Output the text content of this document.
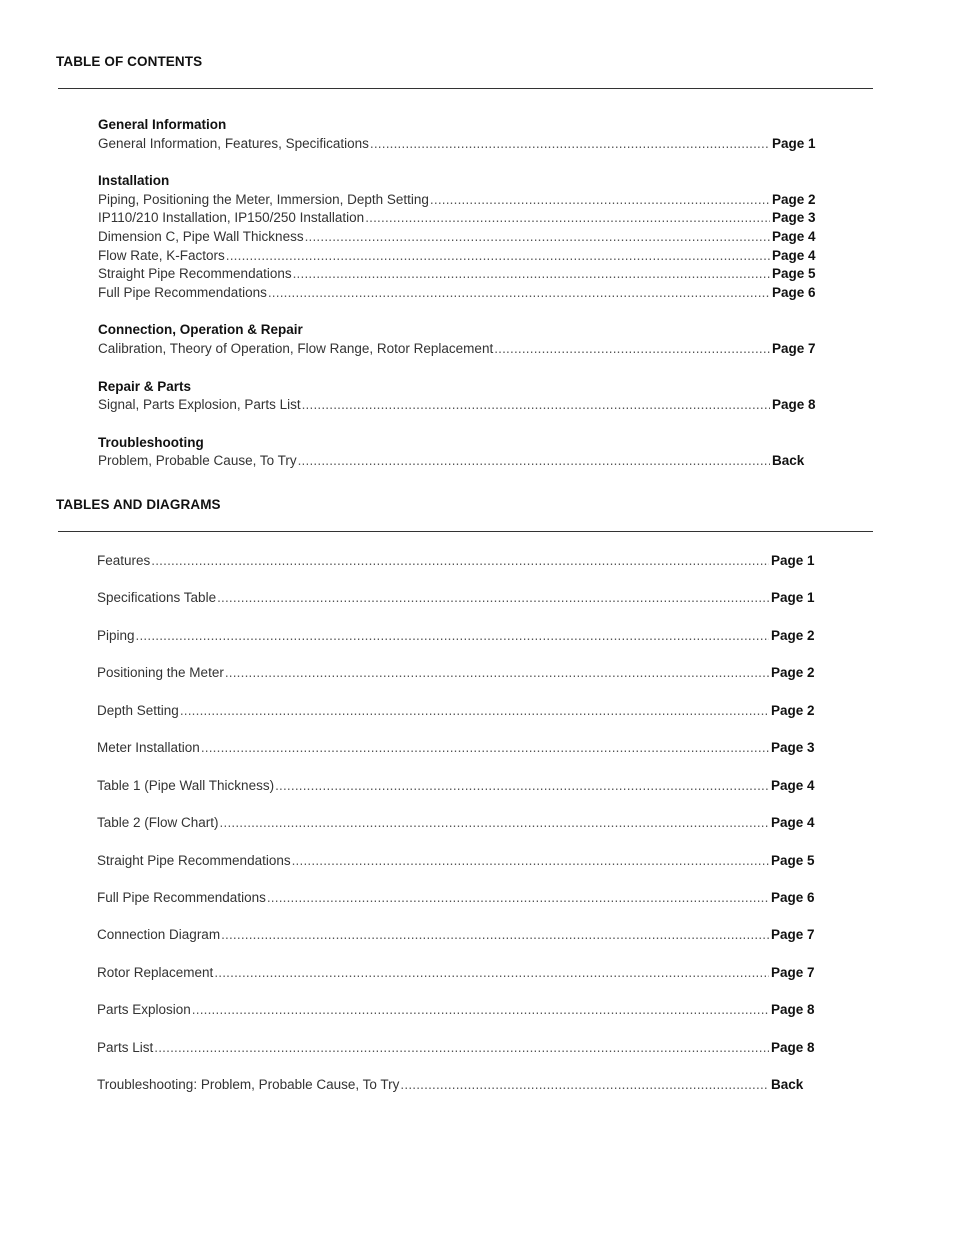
TABLE OF CONTENTS
General Information
General Information, Features, Specifications .....	Page 1
Installation
Piping, Positioning the Meter, Immersion, Depth Setting .....	Page 2
IP110/210 Installation, IP150/250 Installation .....	Page 3
Dimension C, Pipe Wall Thickness .....	Page 4
Flow Rate, K-Factors .....	Page 4
Straight Pipe Recommendations .....	Page 5
Full Pipe Recommendations .....	Page 6
Connection, Operation & Repair
Calibration, Theory of Operation, Flow Range, Rotor Replacement .....	Page 7
Repair & Parts
Signal, Parts Explosion, Parts List .....	Page 8
Troubleshooting
Problem, Probable Cause, To Try .....	Back
TABLES AND DIAGRAMS
Features .....	Page 1
Specifications Table .....	Page 1
Piping .....	Page 2
Positioning the Meter .....	Page 2
Depth Setting .....	Page 2
Meter Installation .....	Page 3
Table 1 (Pipe Wall Thickness) .....	Page 4
Table 2 (Flow Chart) .....	Page 4
Straight Pipe Recommendations .....	Page 5
Full Pipe Recommendations .....	Page 6
Connection Diagram .....	Page 7
Rotor Replacement .....	Page 7
Parts Explosion .....	Page 8
Parts List .....	Page 8
Troubleshooting: Problem, Probable Cause, To Try .....	Back
